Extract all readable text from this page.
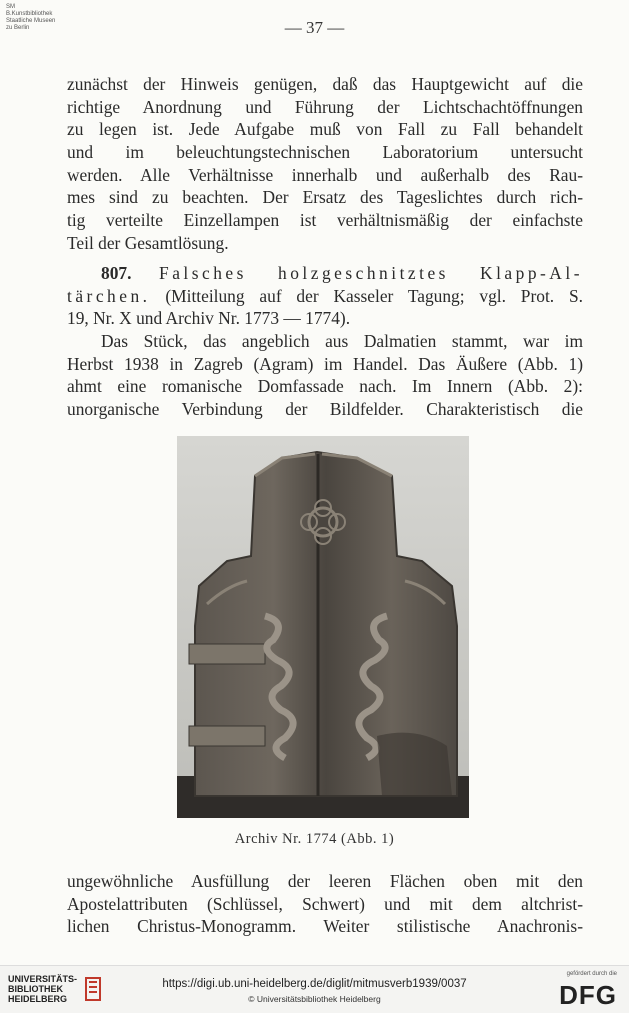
SM
B.Kunstbibliothek
Staatliche Museen
zu Berlin	— 37 —
zunächst der Hinweis genügen, daß das Hauptgewicht auf die
richtige Anordnung und Führung der Lichtschachtöffnungen
zu legen ist. Jede Aufgabe muß von Fall zu Fall behandelt
und im beleuchtungstechnischen Laboratorium untersucht
werden. Alle Verhältnisse innerhalb und außerhalb des Rau-
mes sind zu beachten. Der Ersatz des Tageslichtes durch rich-
tig verteilte Einzellampen ist verhältnismäßig der einfachste
Teil der Gesamtlösung.
807. Falsches holzgeschnitztes Klapp-Al-
tärchen. (Mitteilung auf der Kasseler Tagung; vgl. Prot. S.
19, Nr. X und Archiv Nr. 1773 — 1774).
Das Stück, das angeblich aus Dalmatien stammt, war im
Herbst 1938 in Zagreb (Agram) im Handel. Das Äußere (Abb. 1)
ahmt eine romanische Domfassade nach. Im Innern (Abb. 2):
unorganische Verbindung der Bildfelder. Charakteristisch die
Archiv Nr. 1774 (Abb. 1)
ungewöhnliche Ausfüllung der leeren Flächen oben mit den
Apostelattributen (Schlüssel, Schwert) und mit dem altchrist-
lichen Christus-Monogramm. Weiter stilistische Anachronis-
UNIVERSITÄTS-
BIBLIOTHEK
HEIDELBERG
https://digi.ub.uni-heidelberg.de/diglit/mitmusverb1939/0037
© Universitätsbibliothek Heidelberg
gefördert durch die
DFG
